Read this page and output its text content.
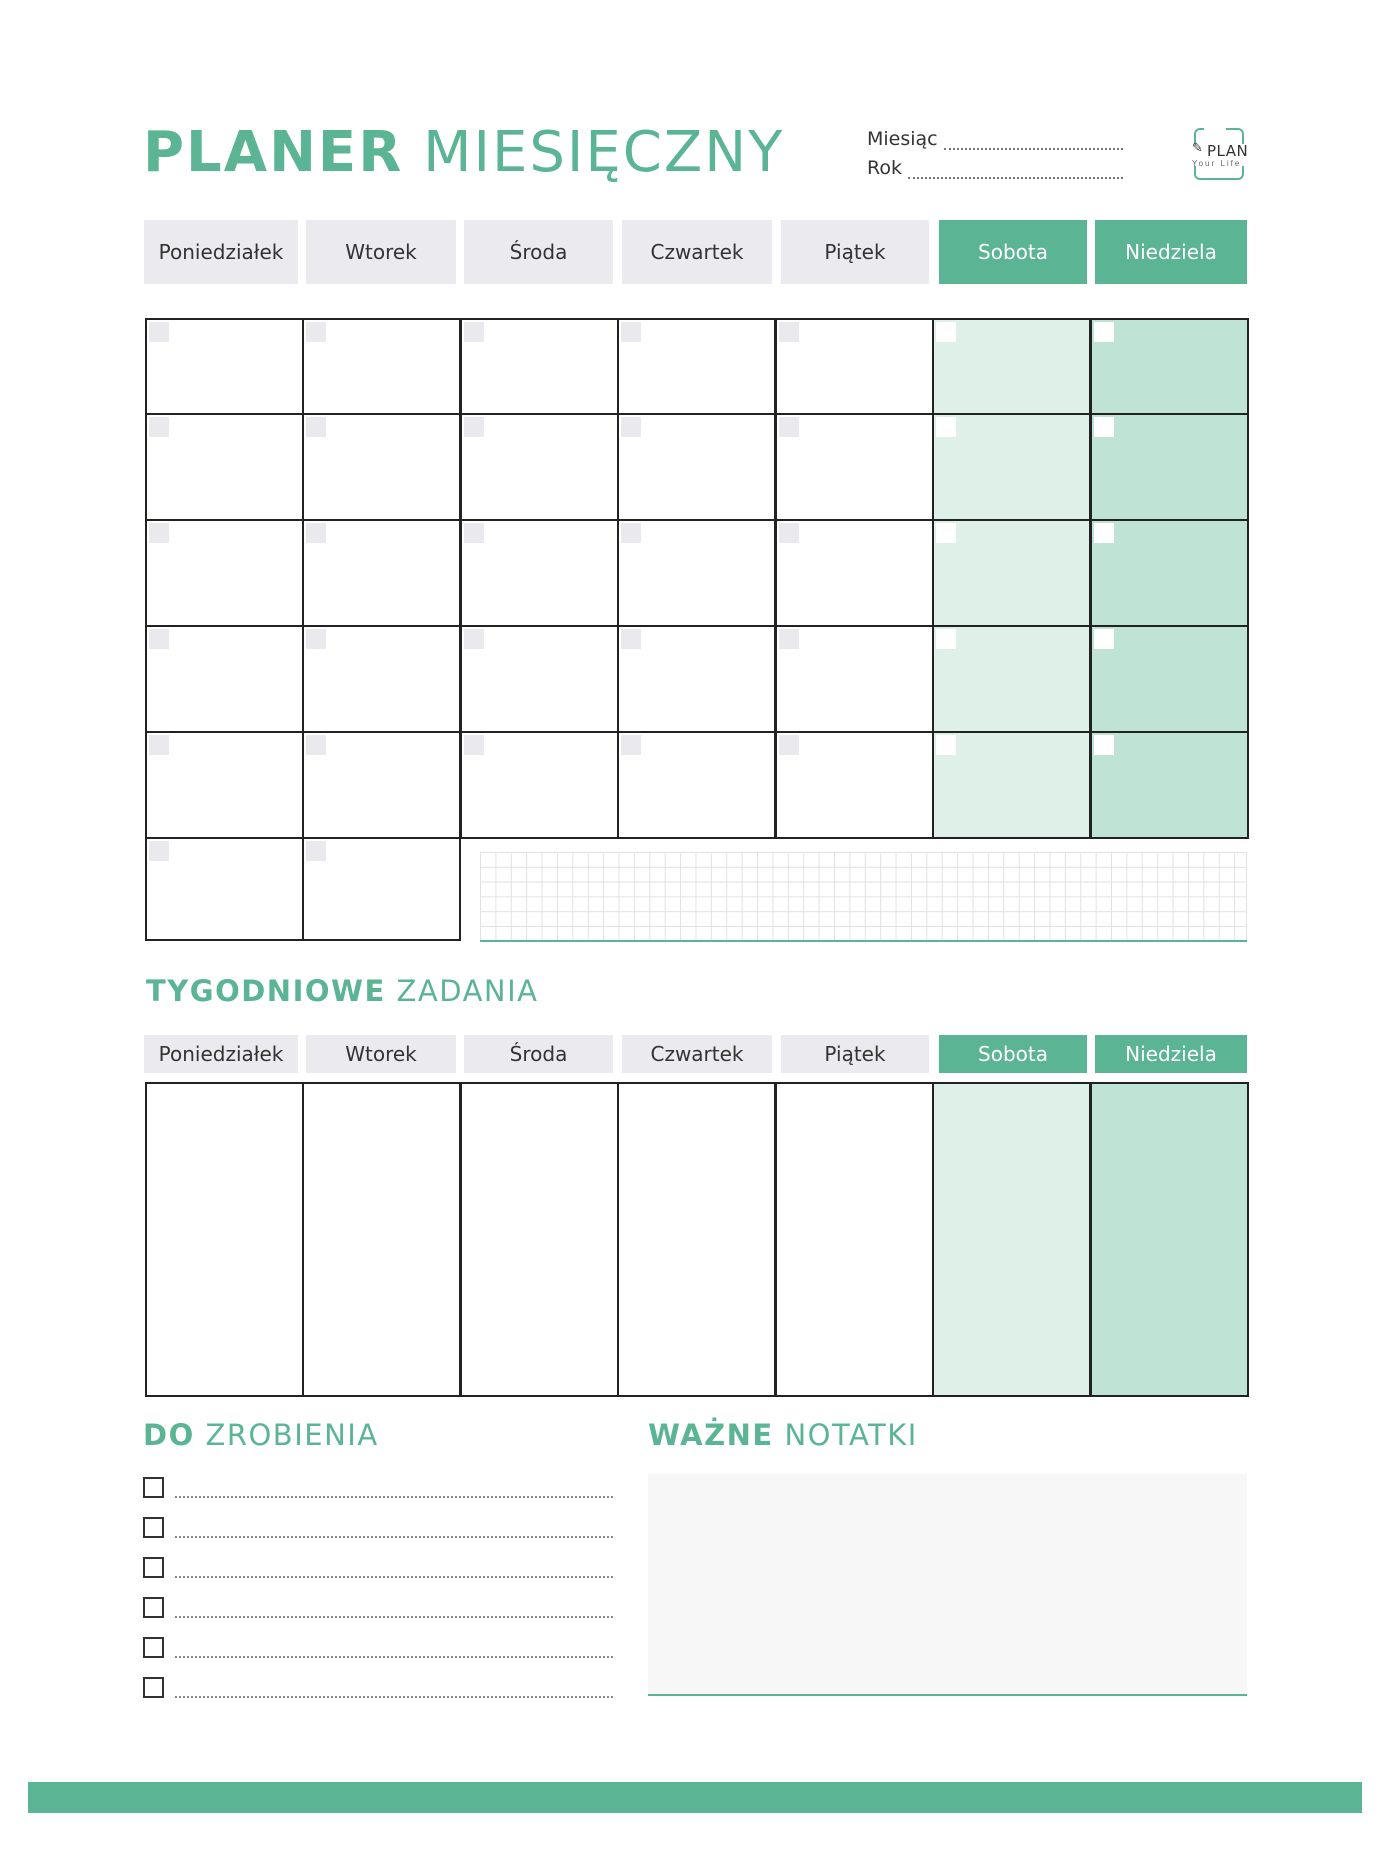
PLANER MIESIĘCZNY	Miesiąc
Rok
✎ PLAN
Your Life
Poniedziałek	Wtorek	Środa	Czwartek	Piątek	Sobota	Niedziela
TYGODNIOWE ZADANIA
Poniedziałek	Wtorek	Środa	Czwartek	Piątek	Sobota	Niedziela
DO ZROBIENIA	WAŻNE NOTATKI
